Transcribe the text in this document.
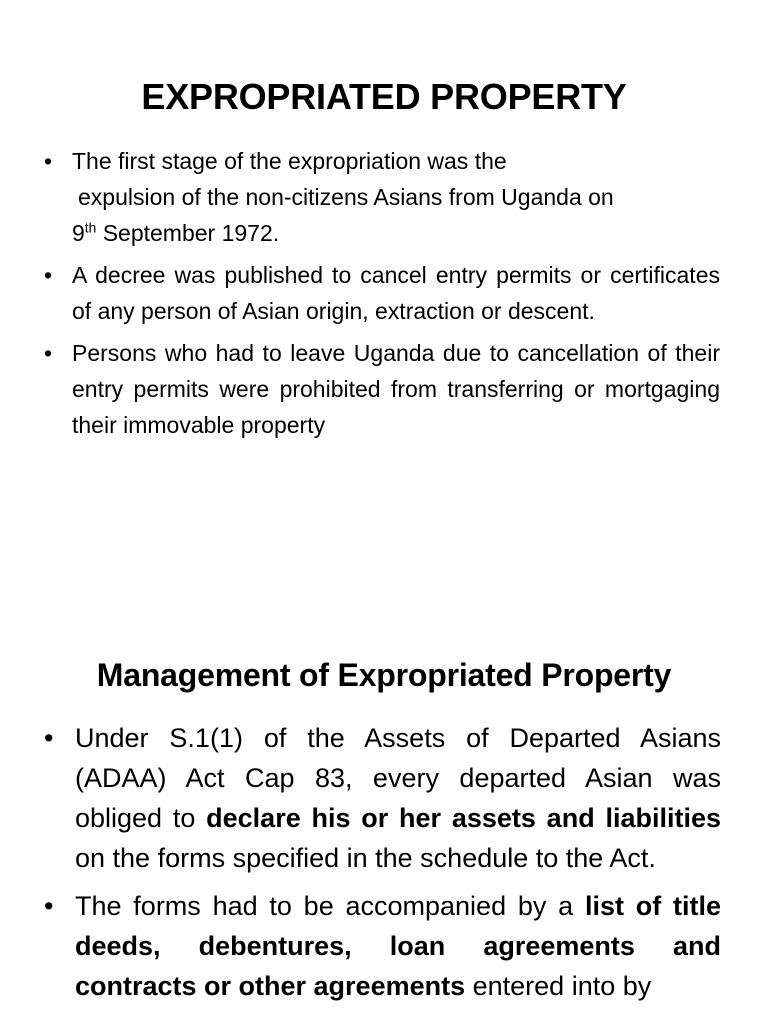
EXPROPRIATED PROPERTY
• The first stage of the expropriation was the
expulsion of the non-citizens Asians from Uganda on
9th September 1972.
• A decree was published to cancel entry permits or certificates of any person of Asian origin, extraction or descent.
• Persons who had to leave Uganda due to cancellation of their entry permits were prohibited from transferring or mortgaging their immovable property
Management of Expropriated Property
• Under S.1(1) of the Assets of Departed Asians (ADAA) Act Cap 83, every departed Asian was obliged to declare his or her assets and liabilities on the forms specified in the schedule to the Act.
• The forms had to be accompanied by a list of title deeds, debentures, loan agreements and contracts or other agreements entered into by
